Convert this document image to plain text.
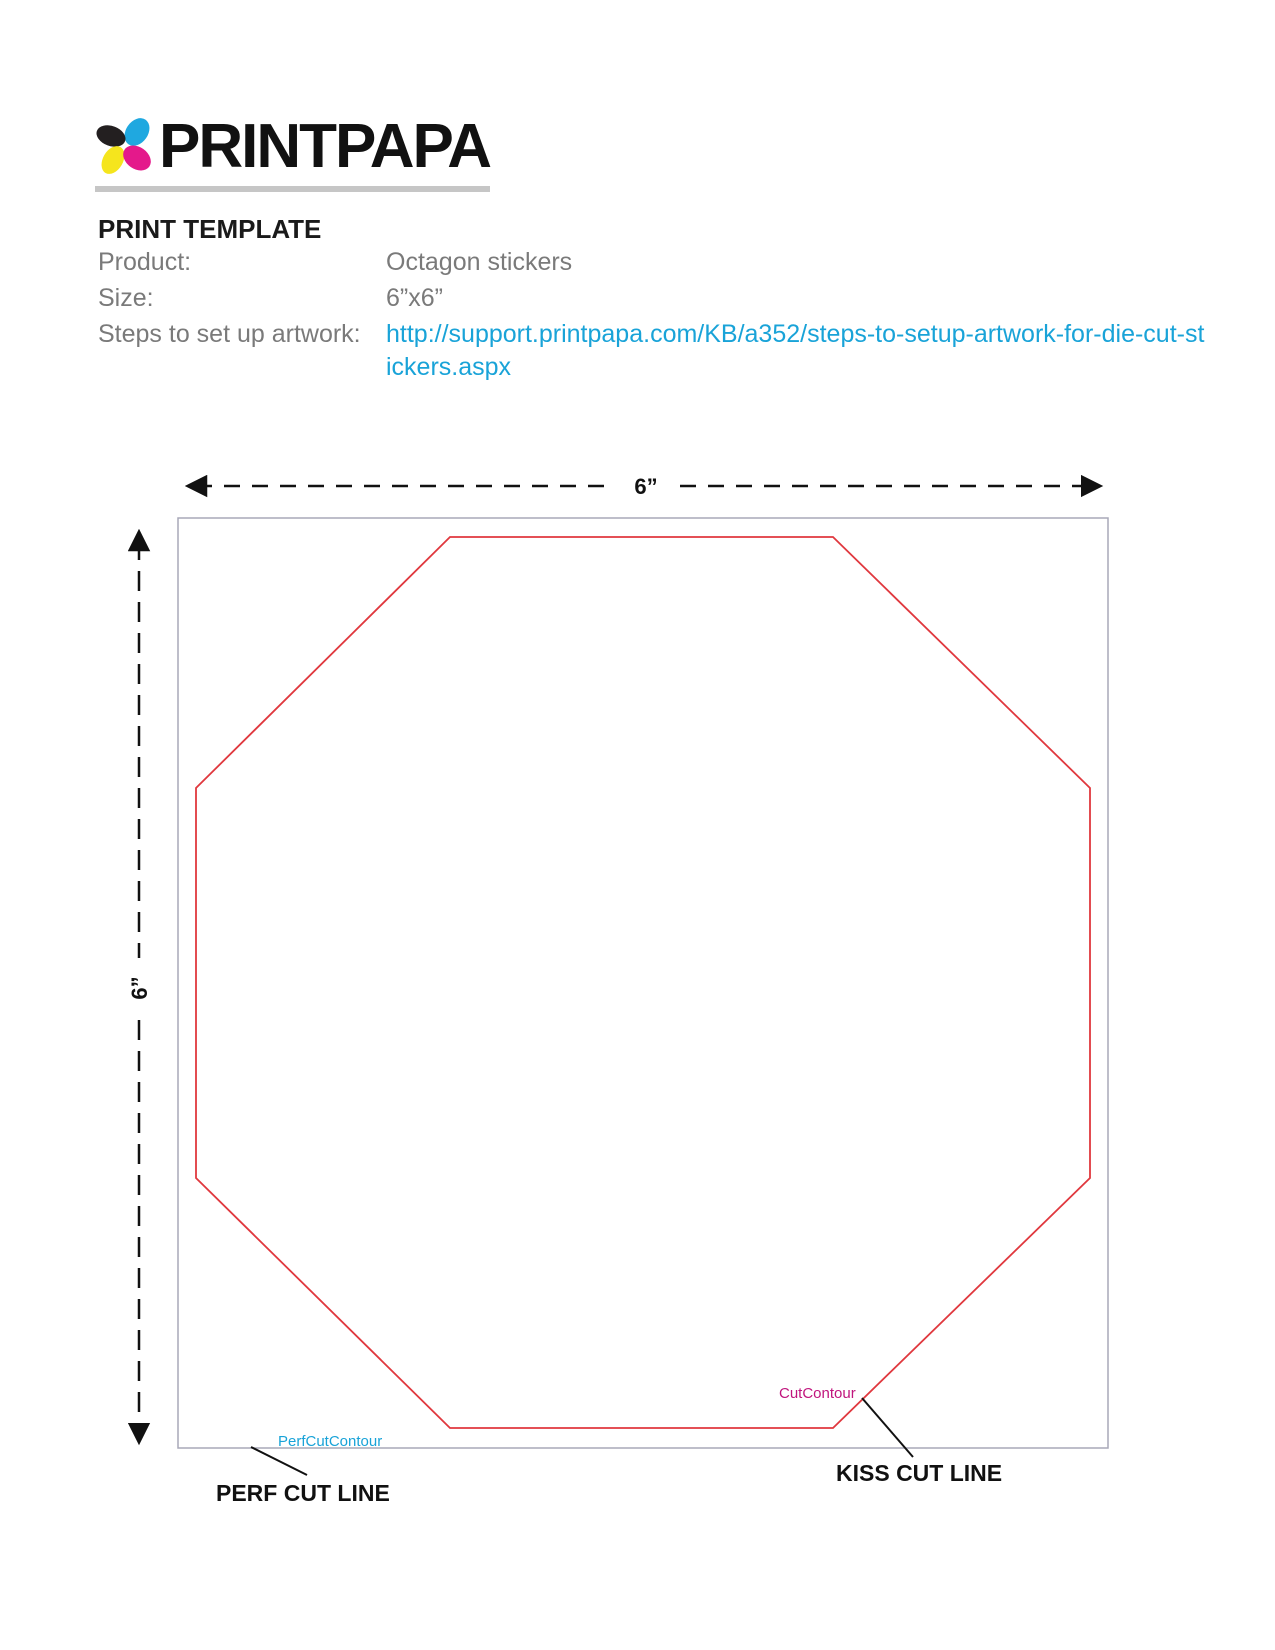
PRINTPAPA
PRINT TEMPLATE
Product:	Octagon stickers
Size:	6”x6”
Steps to set up artwork: http://support.printpapa.com/KB/a352/steps-to-setup-artwork-for-die-cut-stickers.aspx
6”
6”
CutContour
PerfCutContour
KISS CUT LINE
PERF CUT LINE
